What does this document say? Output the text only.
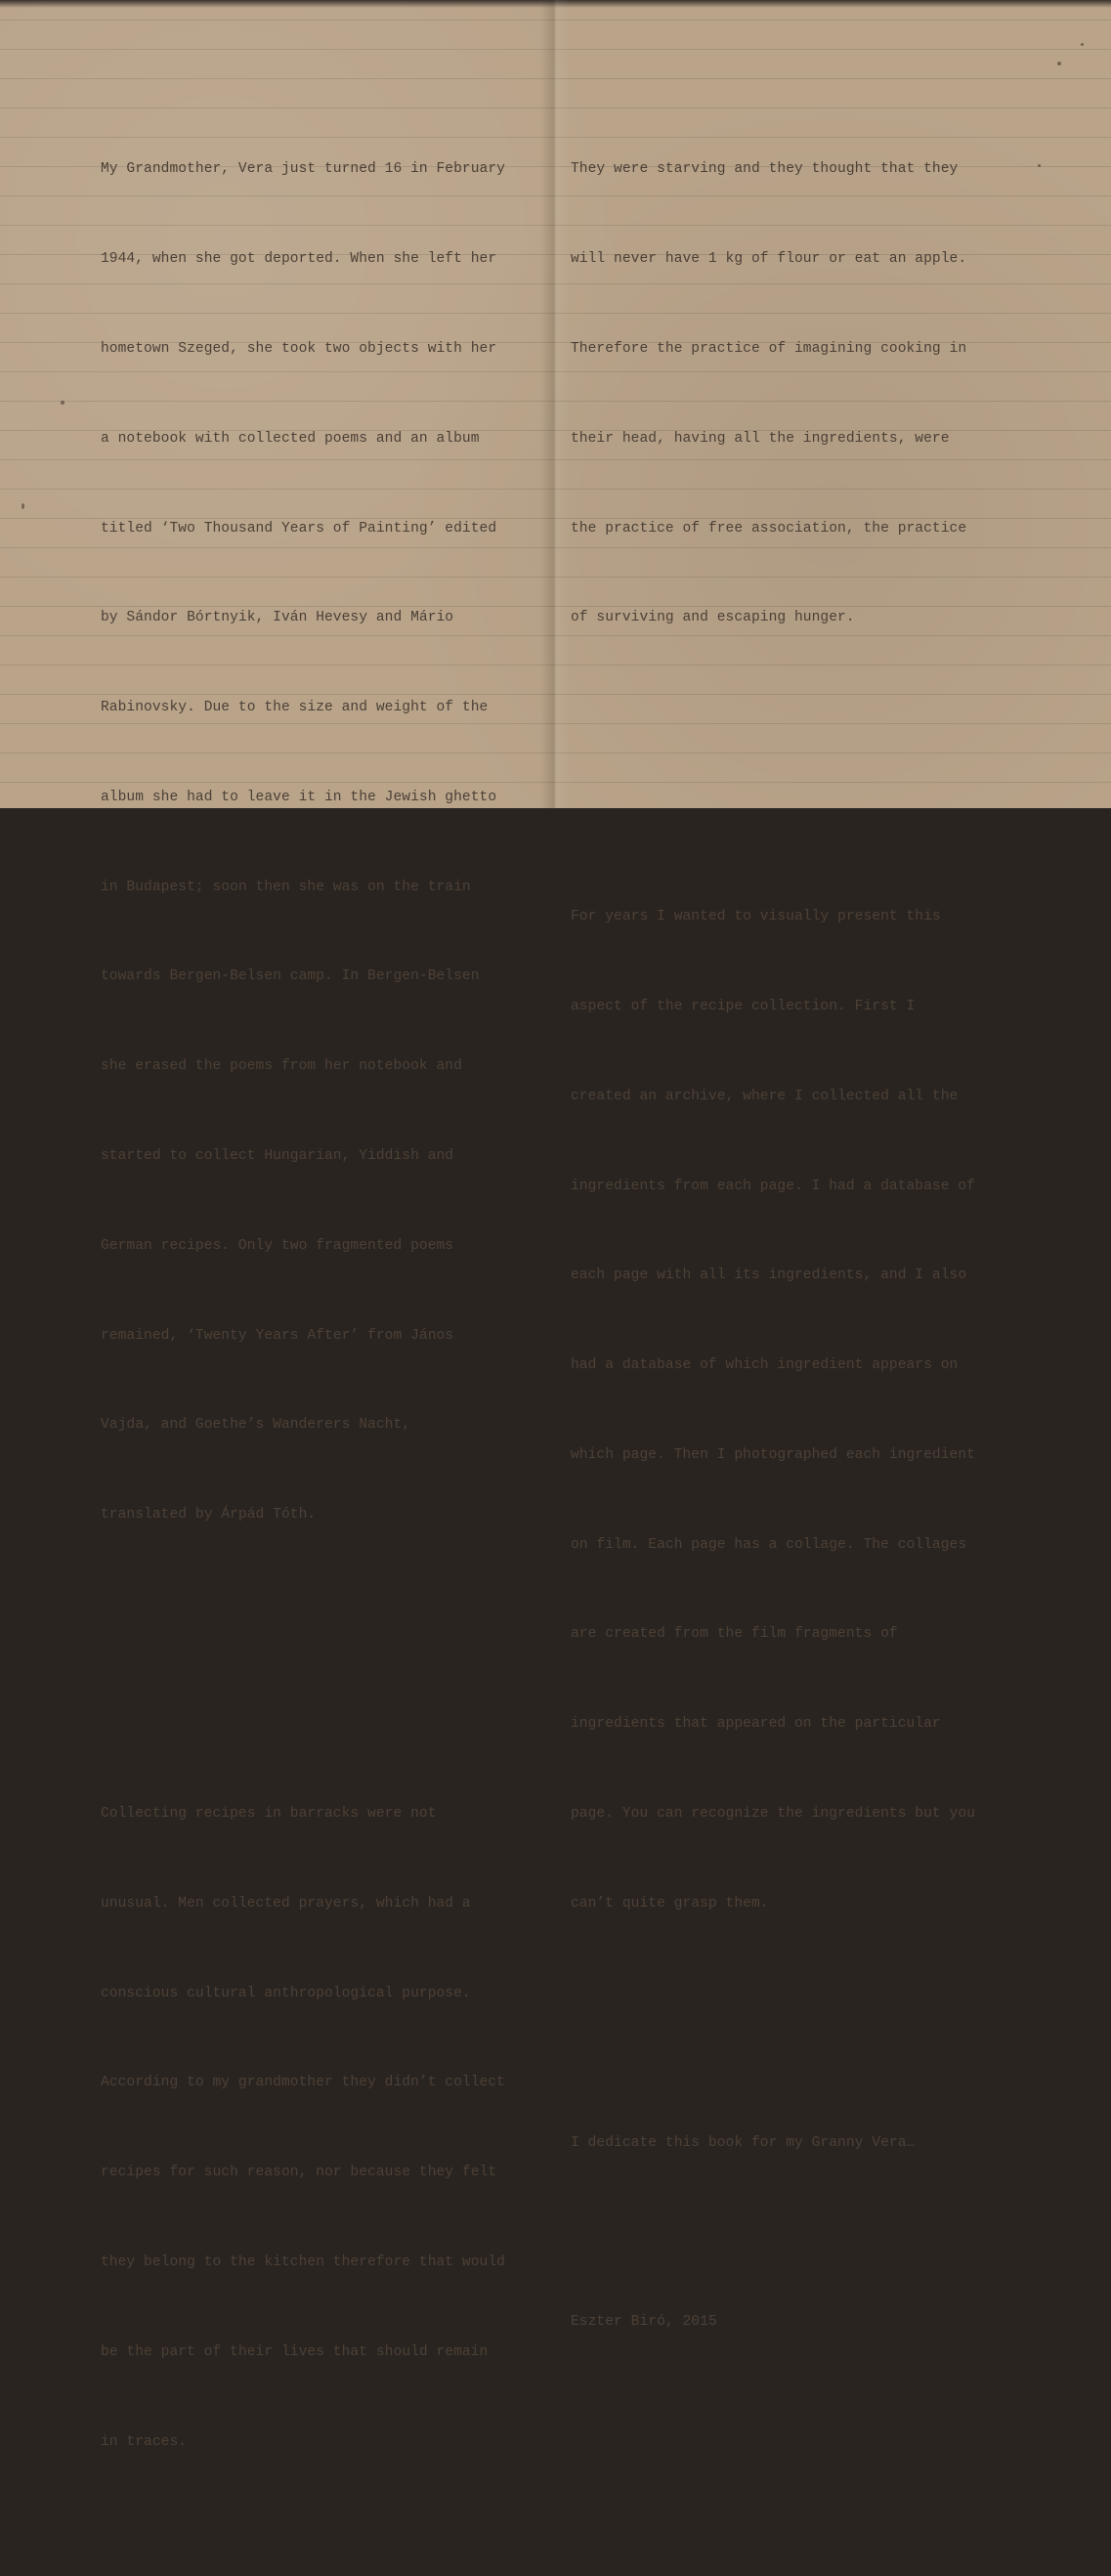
My Grandmother, Vera just turned 16 in February

1944, when she got deported. When she left her

hometown Szeged, she took two objects with her

a notebook with collected poems and an album

titled ‘Two Thousand Years of Painting’ edited

by Sándor Bórtnyik, Iván Hevesy and Mário

Rabinovsky. Due to the size and weight of the

album she had to leave it in the Jewish ghetto

in Budapest; soon then she was on the train

towards Bergen-Belsen camp. In Bergen-Belsen

she erased the poems from her notebook and

started to collect Hungarian, Yiddish and

German recipes. Only two fragmented poems

remained, ‘Twenty Years After’ from János

Vajda, and Goethe’s Wanderers Nacht,

translated by Árpád Tóth.

Collecting recipes in barracks were not

unusual. Men collected prayers, which had a

conscious cultural anthropological purpose.

According to my grandmother they didn’t collect

recipes for such reason, nor because they felt

they belong to the kitchen therefore that would

be the part of their lives that should remain

in traces.

They were starving and they thought that they

will never have 1 kg of flour or eat an apple.

Therefore the practice of imagining cooking in

their head, having all the ingredients, were

the practice of free association, the practice

of surviving and escaping hunger.

For years I wanted to visually present this

aspect of the recipe collection. First I

created an archive, where I collected all the

ingredients from each page. I had a database of

each page with all its ingredients, and I also

had a database of which ingredient appears on

which page. Then I photographed each ingredient

on film. Each page has a collage. The collages

are created from the film fragments of

ingredients that appeared on the particular

page. You can recognize the ingredients but you

can’t quite grasp them.

I dedicate this book for my Granny Vera…

Eszter Biró, 2015
